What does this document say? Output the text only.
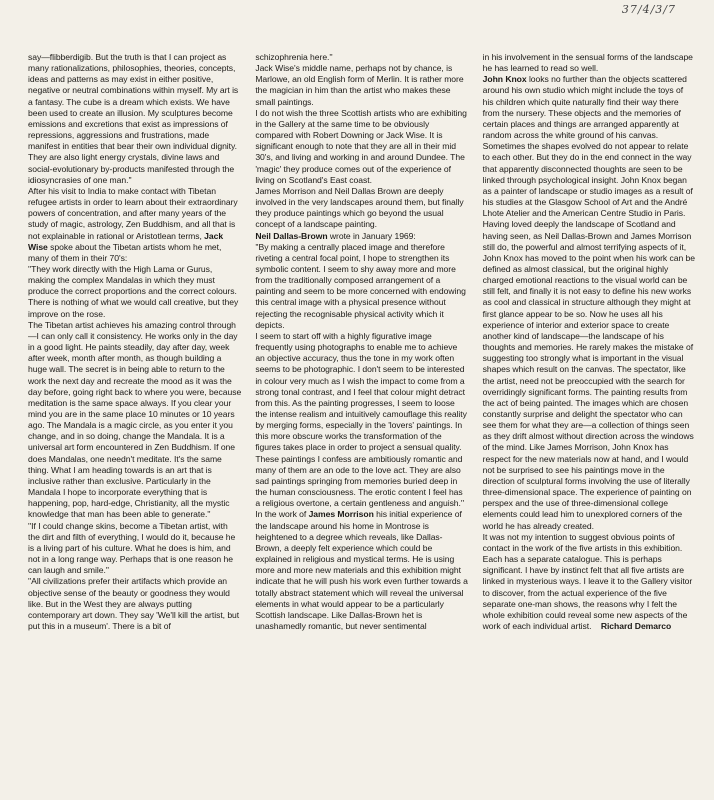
37/4/3/7

say—flibberdigib. But the truth is that I can project as many rationalizations, philosophies, theories, concepts, ideas and patterns as may exist in either positive, negative or neutral combinations within myself. My art is a fantasy. The cube is a dream which exists. We have been used to create an illusion. My sculptures become emissions and excretions that exist as impressions of repressions, aggressions and frustrations, made manifest in entities that bear their own individual dignity. They are also light energy crystals, divine laws and social-evolutionary by-products manifested through the idiosyncrasies of one man.''

After his visit to India to make contact with Tibetan refugee artists in order to learn about their extraordinary powers of concentration, and after many years of the study of magic, astrology, Zen Buddhism, and all that is not explainable in rational or Aristotlean terms, Jack Wise spoke about the Tibetan artists whom he met, many of them in their 70's:

''They work directly with the High Lama or Gurus, making the complex Mandalas in which they must produce the correct proportions and the correct colours. There is nothing of what we would call creative, but they improve on the rose.

The Tibetan artist achieves his amazing control through—I can only call it consistency. He works only in the day in a good light. He paints steadily, day after day, week after week, month after month, as though building a huge wall. The secret is in being able to return to the work the next day and recreate the mood as it was the day before, going right back to where you were, because meditation is the same space always. If you clear your mind you are in the same place 10 minutes or 10 years ago. The Mandala is a magic circle, as you enter it you change, and in so doing, change the Mandala. It is a universal art form encountered in Zen Buddhism. If one does Mandalas, one needn't meditate. It's the same thing. What I am heading towards is an art that is inclusive rather than exclusive. Particularly in the Mandala I hope to incorporate everything that is happening, pop, hard-edge, Christianity, all the mystic knowledge that man has been able to generate.''

''If I could change skins, become a Tibetan artist, with the dirt and filth of everything, I would do it, because he is a living part of his culture. What he does is him, and not in a long range way. Perhaps that is one reason he can laugh and smile.''

''All civilizations prefer their artifacts which provide an objective sense of the beauty or goodness they would like. But in the West they are always putting contemporary art down. They say 'We'll kill the artist, but put this in a museum'. There is a bit of

schizophrenia here.''

Jack Wise's middle name, perhaps not by chance, is Marlowe, an old English form of Merlin. It is rather more the magician in him than the artist who makes these small paintings.

I do not wish the three Scottish artists who are exhibiting in the Gallery at the same time to be obviously compared with Robert Downing or Jack Wise. It is significant enough to note that they are all in their mid 30's, and living and working in and around Dundee. The 'magic' they produce comes out of the experience of living on Scotland's East coast.

James Morrison and Neil Dallas Brown are deeply involved in the very landscapes around them, but finally they produce paintings which go beyond the usual concept of a landscape painting.

Neil Dallas-Brown wrote in January 1969:

''By making a centrally placed image and therefore riveting a central focal point, I hope to strengthen its symbolic content. I seem to shy away more and more from the traditionally composed arrangement of a painting and seem to be more concerned with endowing this central image with a physical presence without rejecting the recognisable physical activity which it depicts.

I seem to start off with a highly figurative image frequently using photographs to enable me to achieve an objective accuracy, thus the tone in my work often seems to be photographic. I don't seem to be interested in colour very much as I wish the impact to come from a strong tonal contrast, and I feel that colour might detract from this. As the painting progresses, I seem to loose the intense realism and intuitively camouflage this reality by merging forms, especially in the 'lovers' paintings. In this more obscure works the transformation of the figures takes place in order to project a sensual quality. These paintings I confess are ambitiously romantic and many of them are an ode to the love act. They are also sad paintings springing from memories buried deep in the human consciousness. The erotic content I feel has a religious overtone, a certain gentleness and anguish.''

In the work of James Morrison his initial experience of the landscape around his home in Montrose is heightened to a degree which reveals, like Dallas-Brown, a deeply felt experience which could be explained in religious and mystical terms. He is using more and more new materials and this exhibition might indicate that he will push his work even further towards a totally abstract statement which will reveal the universal elements in what would appear to be a particularly Scottish landscape. Like Dallas-Brown het is unashamedly romantic, but never sentimental

in his involvement in the sensual forms of the landscape he has learned to read so well.

John Knox looks no further than the objects scattered around his own studio which might include the toys of his children which quite naturally find their way there from the nursery. These objects and the memories of certain places and things are arranged apparently at random across the white ground of his canvas. Sometimes the shapes evolved do not appear to relate to each other. But they do in the end connect in the way that apparently disconnected thoughts are seen to be linked through psychological insight. John Knox began as a painter of landscape or studio images as a result of his studies at the Glasgow School of Art and the André Lhote Atelier and the American Centre Studio in Paris. Having loved deeply the landscape of Scotland and having seen, as Neil Dallas-Brown and James Morrison still do, the powerful and almost terrifying aspects of it, John Knox has moved to the point when his work can be defined as almost classical, but the original highly charged emotional reactions to the visual world can be still felt, and finally it is not easy to define his new works as cool and classical in structure although they might at first glance appear to be so. Now he uses all his experience of interior and exterior space to create another kind of landscape—the landscape of his thoughts and memories. He rarely makes the mistake of suggesting too strongly what is important in the visual shapes which result on the canvas. The spectator, like the artist, need not be preoccupied with the search for overridingly significant forms. The painting results from the act of being painted. The images which are chosen constantly surprise and delight the spectator who can see them for what they are—a collection of things seen as they drift almost without direction across the windows of the mind. Like James Morrison, John Knox has respect for the new materials now at hand, and I would not be surprised to see his paintings move in the direction of sculptural forms involving the use of literally three-dimensional space. The experience of painting on perspex and the use of three-dimensional college elements could lead him to unexplored corners of the world he has already created.

It was not my intention to suggest obvious points of contact in the work of the five artists in this exhibition. Each has a separate catalogue. This is perhaps significant. I have by instinct felt that all five artists are linked in mysterious ways. I leave it to the Gallery visitor to discover, from the actual experience of the five separate one-man shows, the reasons why I felt the whole exhibition could reveal some new aspects of the work of each individual artist. Richard Demarco
